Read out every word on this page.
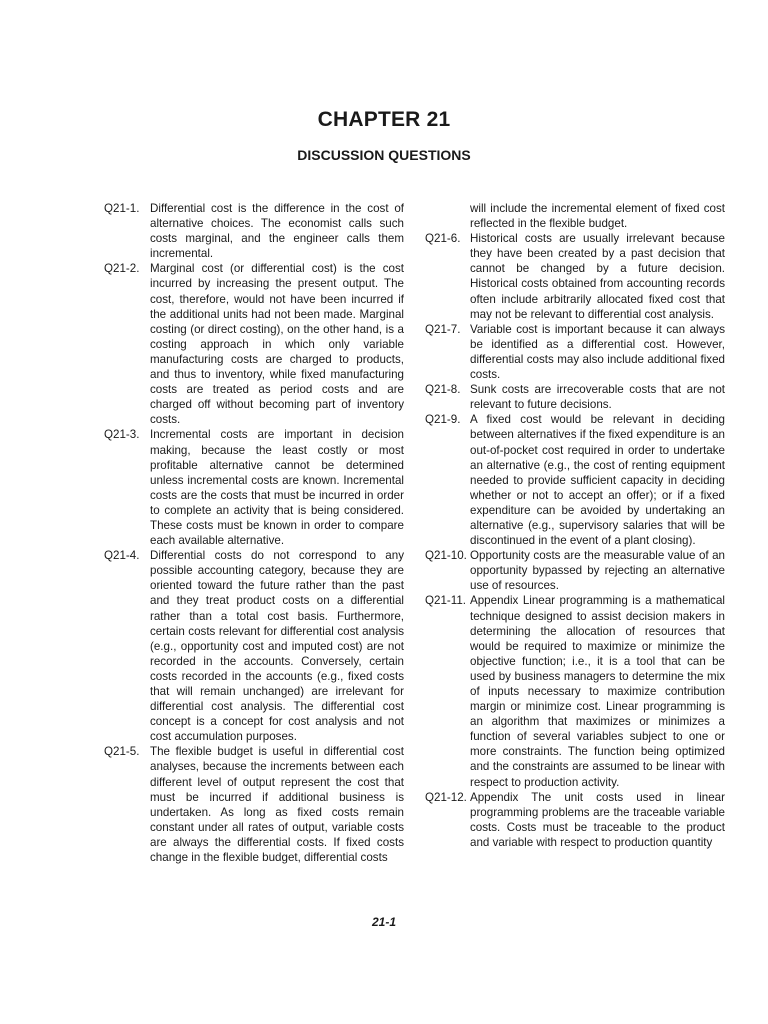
CHAPTER 21
DISCUSSION QUESTIONS
Q21-1. Differential cost is the difference in the cost of alternative choices. The economist calls such costs marginal, and the engineer calls them incremental.
Q21-2. Marginal cost (or differential cost) is the cost incurred by increasing the present output. The cost, therefore, would not have been incurred if the additional units had not been made. Marginal costing (or direct costing), on the other hand, is a costing approach in which only variable manufacturing costs are charged to products, and thus to inventory, while fixed manufacturing costs are treated as period costs and are charged off without becoming part of inventory costs.
Q21-3. Incremental costs are important in decision making, because the least costly or most profitable alternative cannot be determined unless incremental costs are known. Incremental costs are the costs that must be incurred in order to complete an activity that is being considered. These costs must be known in order to compare each available alternative.
Q21-4. Differential costs do not correspond to any possible accounting category, because they are oriented toward the future rather than the past and they treat product costs on a differential rather than a total cost basis. Furthermore, certain costs relevant for differential cost analysis (e.g., opportunity cost and imputed cost) are not recorded in the accounts. Conversely, certain costs recorded in the accounts (e.g., fixed costs that will remain unchanged) are irrelevant for differential cost analysis. The differential cost concept is a concept for cost analysis and not cost accumulation purposes.
Q21-5. The flexible budget is useful in differential cost analyses, because the increments between each different level of output represent the cost that must be incurred if additional business is undertaken. As long as fixed costs remain constant under all rates of output, variable costs are always the differential costs. If fixed costs change in the flexible budget, differential costs
will include the incremental element of fixed cost reflected in the flexible budget.
Q21-6. Historical costs are usually irrelevant because they have been created by a past decision that cannot be changed by a future decision. Historical costs obtained from accounting records often include arbitrarily allocated fixed cost that may not be relevant to differential cost analysis.
Q21-7. Variable cost is important because it can always be identified as a differential cost. However, differential costs may also include additional fixed costs.
Q21-8. Sunk costs are irrecoverable costs that are not relevant to future decisions.
Q21-9. A fixed cost would be relevant in deciding between alternatives if the fixed expenditure is an out-of-pocket cost required in order to undertake an alternative (e.g., the cost of renting equipment needed to provide sufficient capacity in deciding whether or not to accept an offer); or if a fixed expenditure can be avoided by undertaking an alternative (e.g., supervisory salaries that will be discontinued in the event of a plant closing).
Q21-10. Opportunity costs are the measurable value of an opportunity bypassed by rejecting an alternative use of resources.
Q21-11. Appendix Linear programming is a mathematical technique designed to assist decision makers in determining the allocation of resources that would be required to maximize or minimize the objective function; i.e., it is a tool that can be used by business managers to determine the mix of inputs necessary to maximize contribution margin or minimize cost. Linear programming is an algorithm that maximizes or minimizes a function of several variables subject to one or more constraints. The function being optimized and the constraints are assumed to be linear with respect to production activity.
Q21-12. Appendix The unit costs used in linear programming problems are the traceable variable costs. Costs must be traceable to the product and variable with respect to production quantity
21-1
